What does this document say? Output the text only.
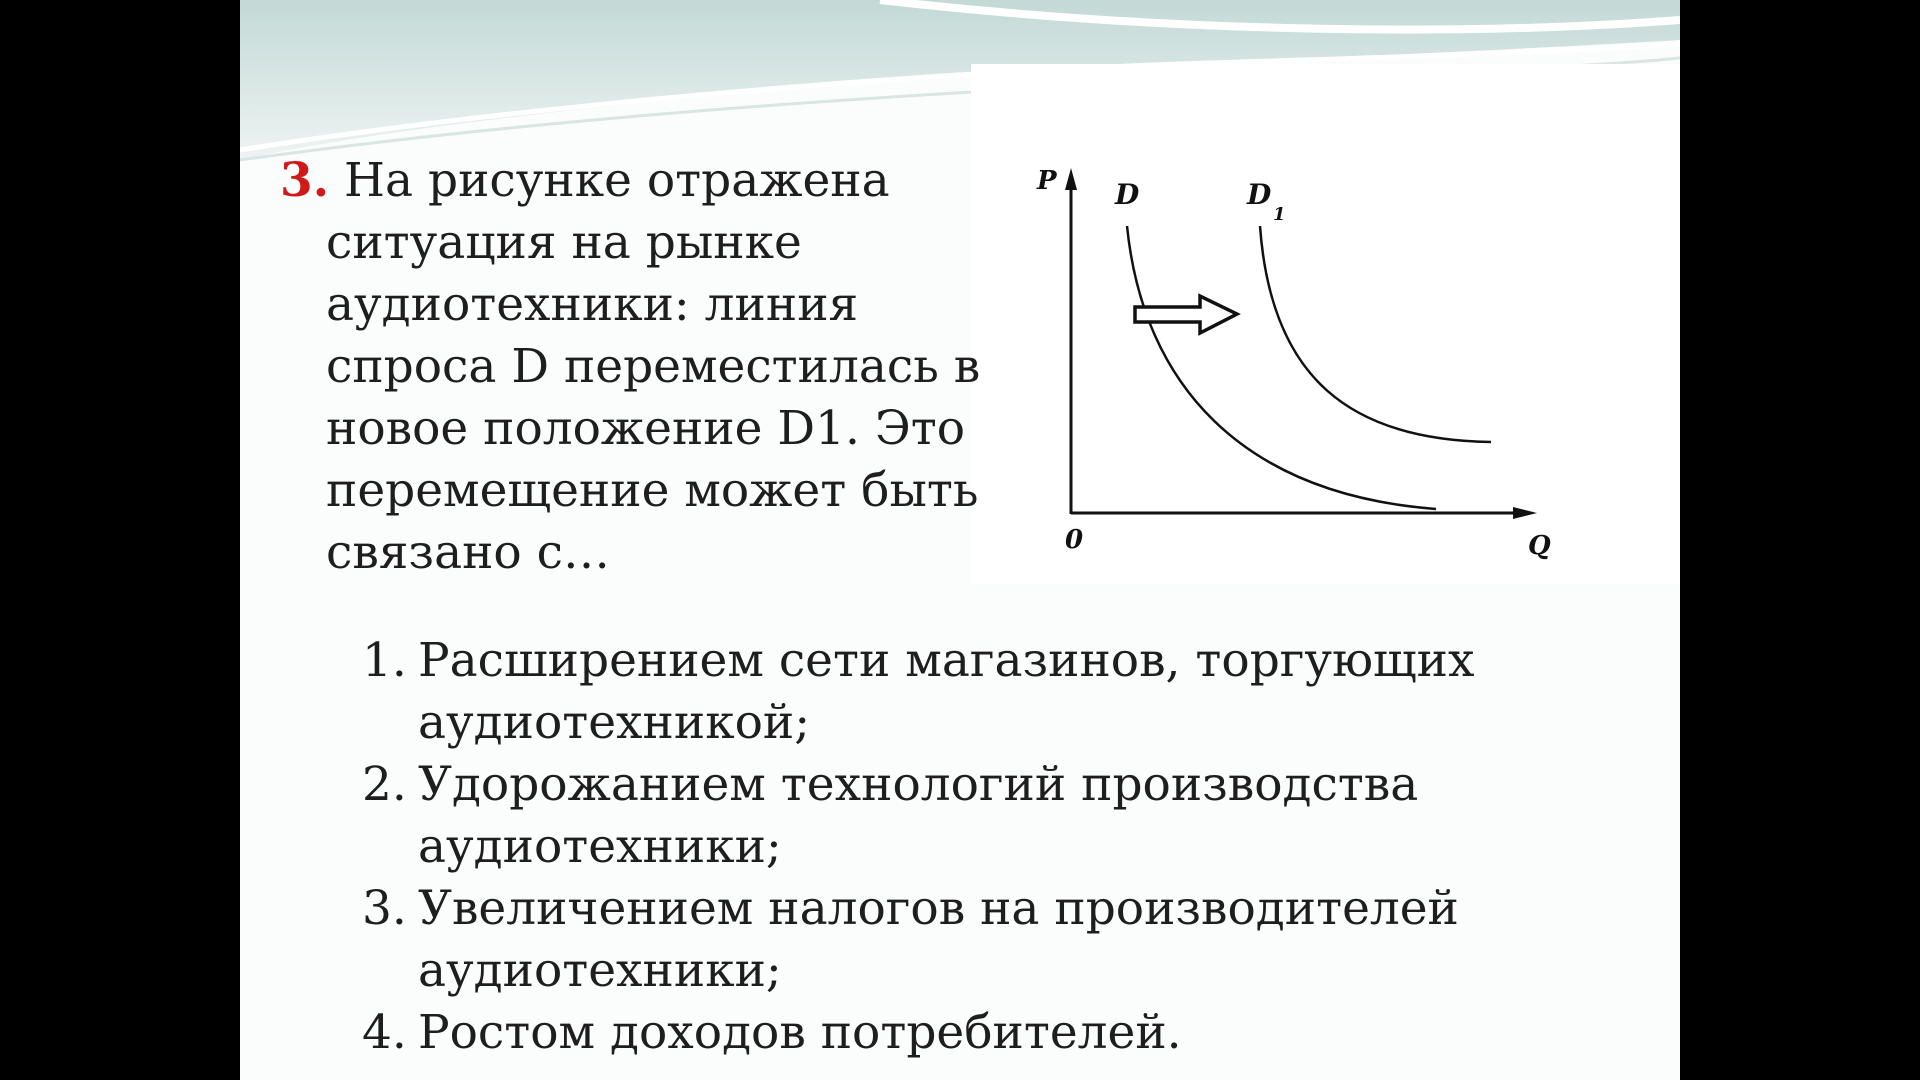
P
Q
0
D	D
1
3. На рисунке отражена
ситуация на рынке
аудиотехники: линия
спроса D переместилась в
новое положение D1. Это
перемещение может быть
связано с…
1. Расширением сети магазинов, торгующих
аудиотехникой;
2. Удорожанием технологий производства
аудиотехники;
3. Увеличением налогов на производителей
аудиотехники;
4. Ростом доходов потребителей.
